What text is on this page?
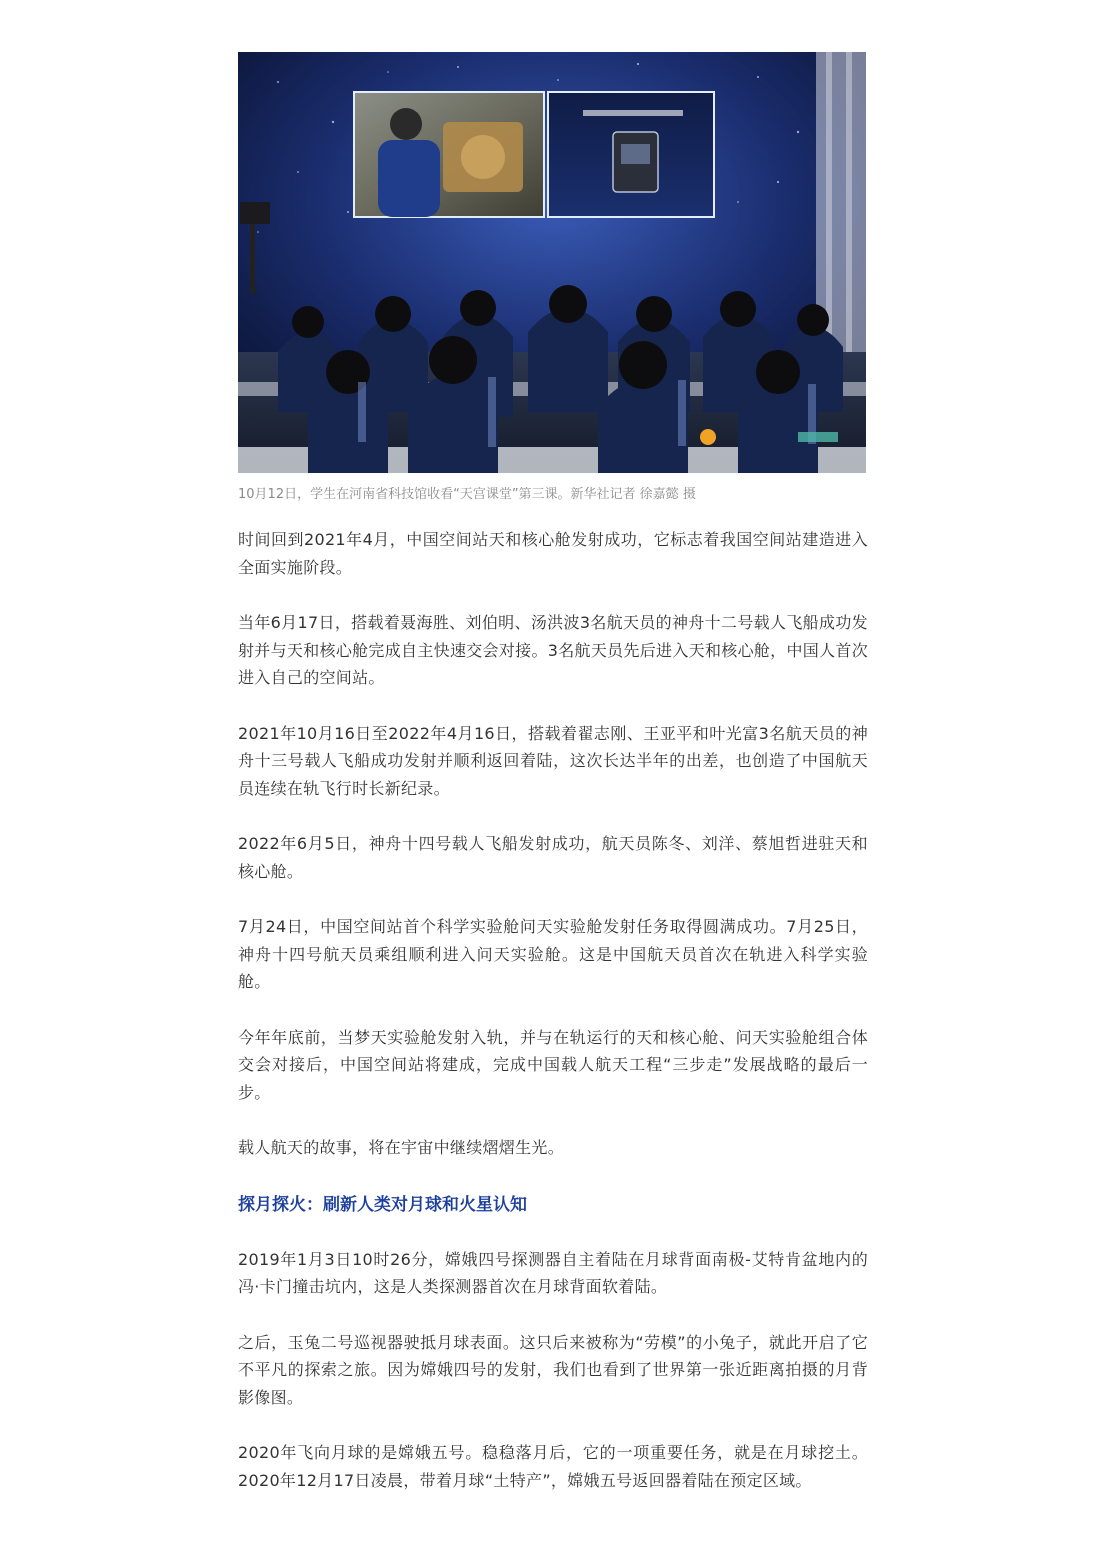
10月12日，学生在河南省科技馆收看“天宫课堂”第三课。新华社记者 徐嘉懿 摄

时间回到2021年4月，中国空间站天和核心舱发射成功，它标志着我国空间站建造进入全面实施阶段。

当年6月17日，搭载着聂海胜、刘伯明、汤洪波3名航天员的神舟十二号载人飞船成功发射并与天和核心舱完成自主快速交会对接。3名航天员先后进入天和核心舱，中国人首次进入自己的空间站。

2021年10月16日至2022年4月16日，搭载着翟志刚、王亚平和叶光富3名航天员的神舟十三号载人飞船成功发射并顺利返回着陆，这次长达半年的出差，也创造了中国航天员连续在轨飞行时长新纪录。

2022年6月5日，神舟十四号载人飞船发射成功，航天员陈冬、刘洋、蔡旭哲进驻天和核心舱。

7月24日，中国空间站首个科学实验舱问天实验舱发射任务取得圆满成功。7月25日，神舟十四号航天员乘组顺利进入问天实验舱。这是中国航天员首次在轨进入科学实验舱。

今年年底前，当梦天实验舱发射入轨，并与在轨运行的天和核心舱、问天实验舱组合体交会对接后，中国空间站将建成，完成中国载人航天工程“三步走”发展战略的最后一步。

载人航天的故事，将在宇宙中继续熠熠生光。

探月探火：刷新人类对月球和火星认知

2019年1月3日10时26分，嫦娥四号探测器自主着陆在月球背面南极-艾特肯盆地内的冯·卡门撞击坑内，这是人类探测器首次在月球背面软着陆。

之后，玉兔二号巡视器驶抵月球表面。这只后来被称为“劳模”的小兔子，就此开启了它不平凡的探索之旅。因为嫦娥四号的发射，我们也看到了世界第一张近距离拍摄的月背影像图。

2020年飞向月球的是嫦娥五号。稳稳落月后，它的一项重要任务，就是在月球挖土。2020年12月17日凌晨，带着月球“土特产”，嫦娥五号返回器着陆在预定区域。
